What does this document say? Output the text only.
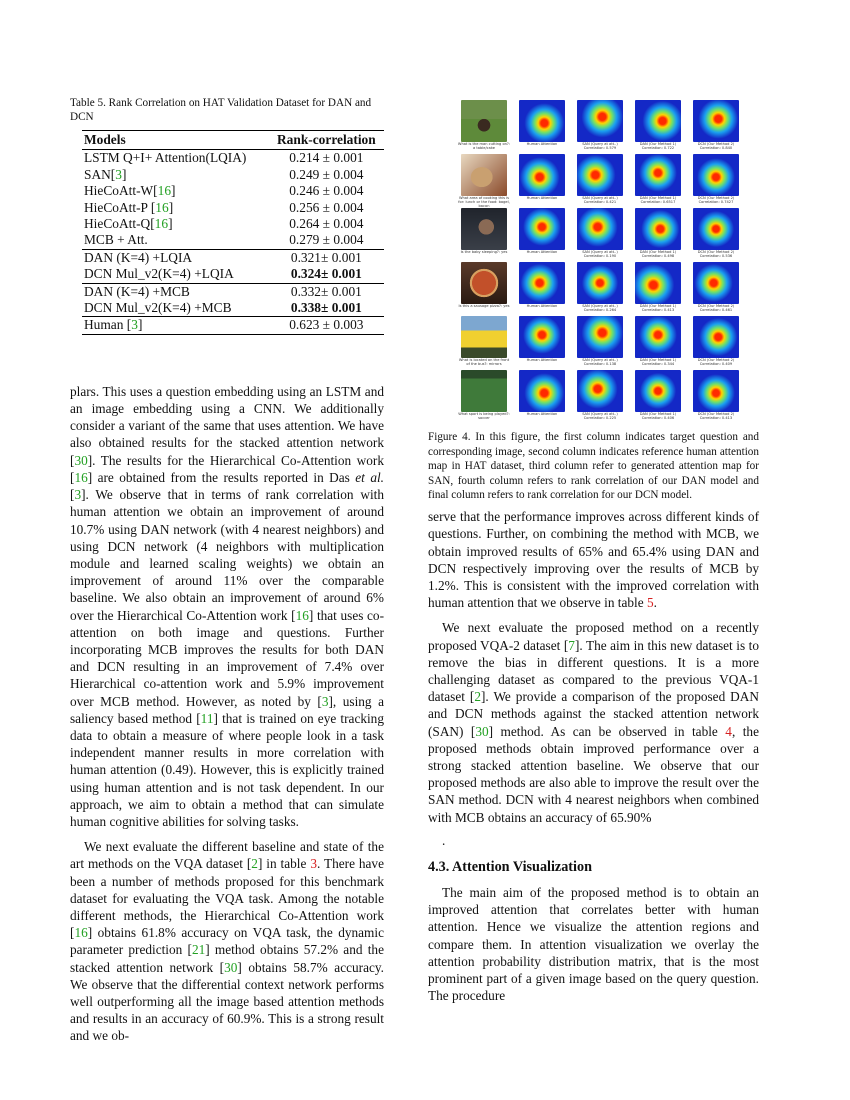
Table 5. Rank Correlation on HAT Validation Dataset for DAN and DCN

Models	Rank-correlation
LSTM Q+I+ Attention(LQIA)	0.214 ± 0.001
SAN[3]	0.249 ± 0.004
HieCoAtt-W[16]	0.246 ± 0.004
HieCoAtt-P [16]	0.256 ± 0.004
HieCoAtt-Q[16]	0.264 ± 0.004
MCB + Att.	0.279 ± 0.004
DAN (K=4) +LQIA	0.321± 0.001
DCN Mul_v2(K=4) +LQIA	0.324± 0.001
DAN (K=4) +MCB	0.332± 0.001
DCN Mul_v2(K=4) +MCB	0.338± 0.001
Human [3]	0.623 ± 0.003

plars. This uses a question embedding using an LSTM and an image embedding using a CNN. We additionally consider a variant of the same that uses attention. We have also obtained results for the stacked attention network [30]. The results for the Hierarchical Co-Attention work [16] are obtained from the results reported in Das et al. [3]. We observe that in terms of rank correlation with human attention we obtain an improvement of around 10.7% using DAN network (with 4 nearest neighbors) and using DCN network (4 neighbors with multiplication module and learned scaling weights) we obtain an improvement of around 11% over the comparable baseline. We also obtain an improvement of around 6% over the Hierarchical Co-Attention work [16] that uses co-attention on both image and questions. Further incorporating MCB improves the results for both DAN and DCN resulting in an improvement of 7.4% over Hierarchical co-attention work and 5.9% improvement over MCB method. However, as noted by [3], using a saliency based method [11] that is trained on eye tracking data to obtain a measure of where people look in a task independent manner results in more correlation with human attention (0.49). However, this is explicitly trained using human attention and is not task dependent. In our approach, we aim to obtain a method that can simulate human cognitive abilities for solving tasks.

We next evaluate the different baseline and state of the art methods on the VQA dataset [2] in table 3. There have been a number of methods proposed for this benchmark dataset for evaluating the VQA task. Among the notable different methods, the Hierarchical Co-Attention work [16] obtains 61.8% accuracy on VQA task, the dynamic parameter prediction [21] method obtains 57.2% and the stacked attention network [30] obtains 58.7% accuracy. We observe that the differential context network performs well outperforming all the image based attention methods and results in an accuracy of 60.9%. This is a strong result and we ob-

What is the man cutting on?: a table/cake
Human Attention	SAN (Query at att..) Correlation: 0.579
DAN (Our Method 1) Correlation: 0.722
DCN (Our Method 2) Correlation: 0.840
What area of cooking this is for: lunch or the food: bagel, bacon
Human Attention	SAN (Query at att..) Correlation: 0.421
DAN (Our Method 1) Correlation: 0.6517
DCN (Our Method 2) Correlation: 0.7427
Is the baby sleeping?: yes	Human Attention	SAN (Query at att..) Correlation: 0.190
DAN (Our Method 1) Correlation: 0.498
DCN (Our Method 2) Correlation: 0.536
Is this a sausage pizza?: yes	Human Attention	SAN (Query at att..) Correlation: 0.264
DAN (Our Method 1) Correlation: 0.413
DCN (Our Method 2) Correlation: 0.461
What is located on the front of the bus?: mirrors
Human Attention	SAN (Query at att..) Correlation: 0.138
DAN (Our Method 1) Correlation: 0.344
DCN (Our Method 2) Correlation: 0.409
What sport is being played?: soccer
Human Attention	SAN (Query at att..) Correlation: 0.225
DAN (Our Method 1) Correlation: 0.406
DCN (Our Method 2) Correlation: 0.413

Figure 4. In this figure, the first column indicates target question and corresponding image, second column indicates reference human attention map in HAT dataset, third column refer to generated attention map for SAN, fourth column refers to rank correlation of our DAN model and final column refers to rank correlation for our DCN model.

serve that the performance improves across different kinds of questions. Further, on combining the method with MCB, we obtain improved results of 65% and 65.4% using DAN and DCN respectively improving over the results of MCB by 1.2%. This is consistent with the improved correlation with human attention that we observe in table 5.

We next evaluate the proposed method on a recently proposed VQA-2 dataset [7]. The aim in this new dataset is to remove the bias in different questions. It is a more challenging dataset as compared to the previous VQA-1 dataset [2]. We provide a comparison of the proposed DAN and DCN methods against the stacked attention network (SAN) [30] method. As can be observed in table 4, the proposed methods obtain improved performance over a strong stacked attention baseline. We observe that our proposed methods are also able to improve the result over the SAN method. DCN with 4 nearest neighbors when combined with MCB obtains an accuracy of 65.90%

.

4.3. Attention Visualization

The main aim of the proposed method is to obtain an improved attention that correlates better with human attention. Hence we visualize the attention regions and compare them. In attention visualization we overlay the attention probability distribution matrix, that is the most prominent part of a given image based on the query question. The procedure
